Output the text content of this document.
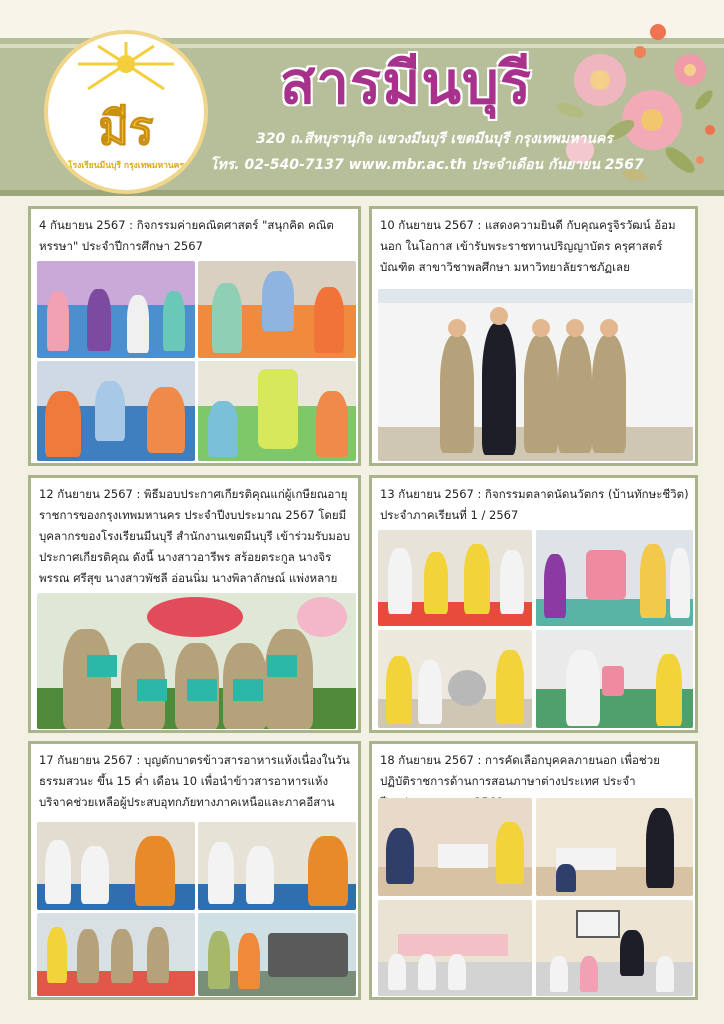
มีร
โรงเรียนมีนบุรี กรุงเทพมหานคร
สารมีนบุรี
320 ถ.สีหบุรานุกิจ แขวงมีนบุรี เขตมีนบุรี กรุงเทพมหานคร
โทร. 02-540-7137 www.mbr.ac.th ประจำเดือน กันยายน 2567

4 กันยายน 2567 : กิจกรรมค่ายคณิตศาสตร์ "สนุกคิด คณิตหรรษา" ประจำปีการศึกษา 2567

10 กันยายน 2567 : แสดงความยินดี กับคุณครูจิรวัฒน์ อ้อมนอก ในโอกาส เข้ารับพระราชทานปริญญาบัตร ครุศาสตร์บัณฑิต สาขาวิชาพลศึกษา มหาวิทยาลัยราชภัฏเลย

12 กันยายน 2567 : พิธีมอบประกาศเกียรติคุณแก่ผู้เกษียณอายุราชการของกรุงเทพมหานคร ประจำปีงบประมาณ 2567 โดยมีบุคลากรของโรงเรียนมีนบุรี สำนักงานเขตมีนบุรี เข้าร่วมรับมอบประกาศเกียรติคุณ ดังนี้ นางสาวอารีพร สร้อยตระกูล นางจิรพรรณ ศรีสุข นางสาวพัชลี อ่อนนิ่ม นางพิลาลักษณ์ แพ่งหลาย

13 กันยายน 2567 : กิจกรรมตลาดนัดนวัตกร (บ้านทักษะชีวิต) ประจำภาคเรียนที่ 1 / 2567

17 กันยายน 2567 : บุญตักบาตรข้าวสารอาหารแห้งเนื่องในวันธรรมสวนะ ขึ้น 15 ค่ำ เดือน 10 เพื่อนำข้าวสารอาหารแห้งบริจาคช่วยเหลือผู้ประสบอุทกภัยทางภาคเหนือและภาคอีสาน

18 กันยายน 2567 : การคัดเลือกบุคคลภายนอก เพื่อช่วยปฏิบัติราชการด้านการสอนภาษาต่างประเทศ ประจำ
